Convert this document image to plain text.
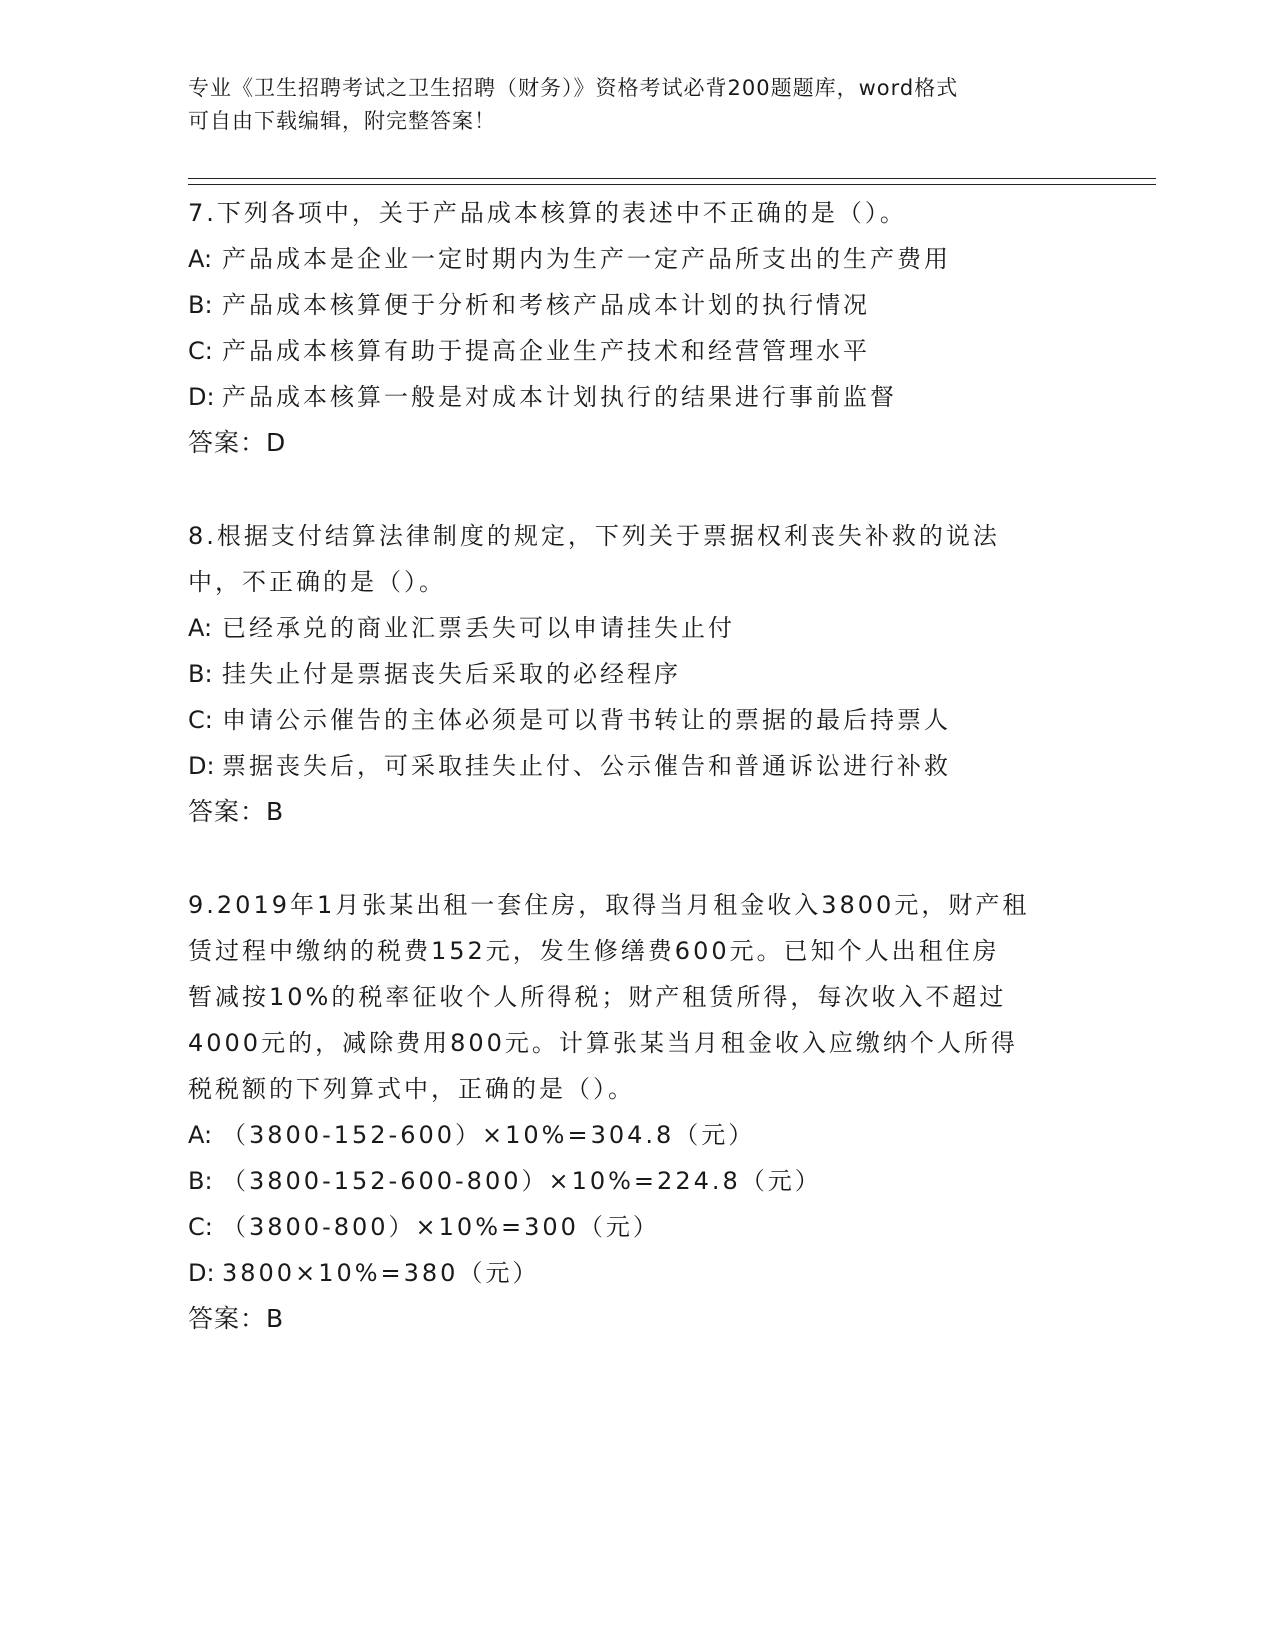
专业《卫生招聘考试之卫生招聘（财务）》资格考试必背200题题库，word格式
可自由下载编辑，附完整答案！
7.下列各项中，关于产品成本核算的表述中不正确的是（）。
A: 产品成本是企业一定时期内为生产一定产品所支出的生产费用
B: 产品成本核算便于分析和考核产品成本计划的执行情况
C: 产品成本核算有助于提高企业生产技术和经营管理水平
D: 产品成本核算一般是对成本计划执行的结果进行事前监督
答案：D
8.根据支付结算法律制度的规定，下列关于票据权利丧失补救的说法
中，不正确的是（）。
A: 已经承兑的商业汇票丢失可以申请挂失止付
B: 挂失止付是票据丧失后采取的必经程序
C: 申请公示催告的主体必须是可以背书转让的票据的最后持票人
D: 票据丧失后，可采取挂失止付、公示催告和普通诉讼进行补救
答案：B
9.2019年1月张某出租一套住房，取得当月租金收入3800元，财产租
赁过程中缴纳的税费152元，发生修缮费600元。已知个人出租住房
暂减按10%的税率征收个人所得税；财产租赁所得，每次收入不超过
4000元的，减除费用800元。计算张某当月租金收入应缴纳个人所得
税税额的下列算式中，正确的是（）。
A: （3800-152-600）×10%=304.8（元）
B: （3800-152-600-800）×10%=224.8（元）
C: （3800-800）×10%=300（元）
D: 3800×10%=380（元）
答案：B
